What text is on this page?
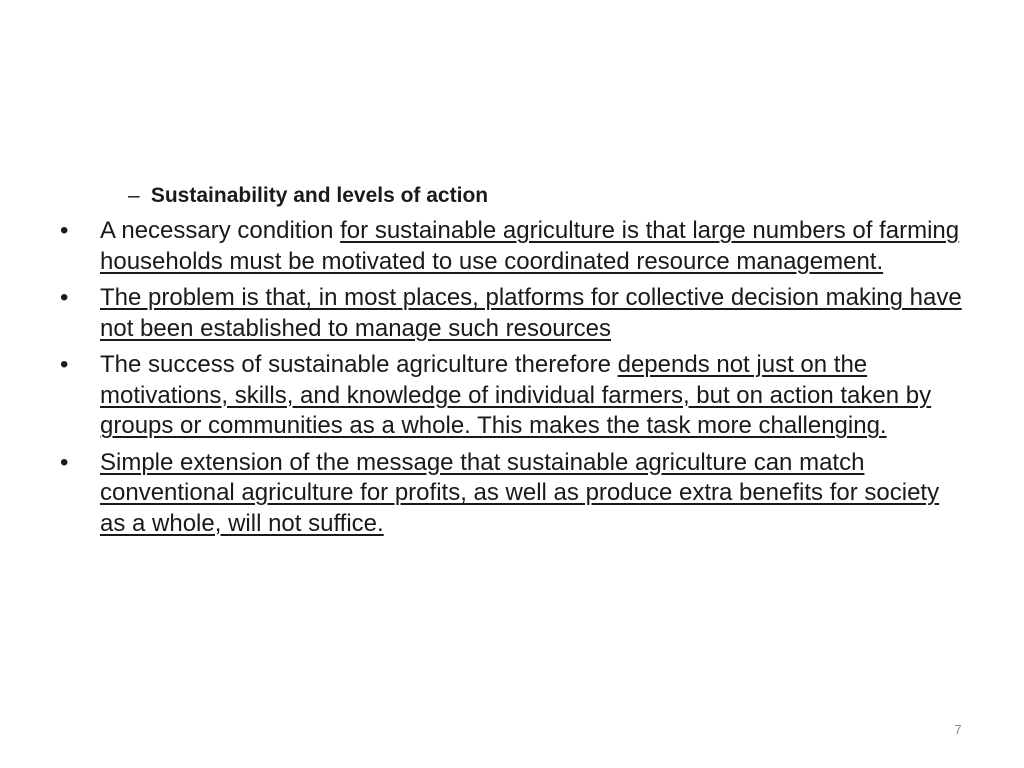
– Sustainability and levels of action
•	A necessary condition for sustainable agriculture is that large numbers of farming households must be motivated to use coordinated resource management.
•	The problem is that, in most places, platforms for collective decision making have not been established to manage such resources
•	The success of sustainable agriculture therefore depends not just on the motivations, skills, and knowledge of individual farmers, but on action taken by groups or communities as a whole. This makes the task more challenging.
•	Simple extension of the message that sustainable agriculture can match conventional agriculture for profits, as well as produce extra benefits for society as a whole, will not suffice.
7
